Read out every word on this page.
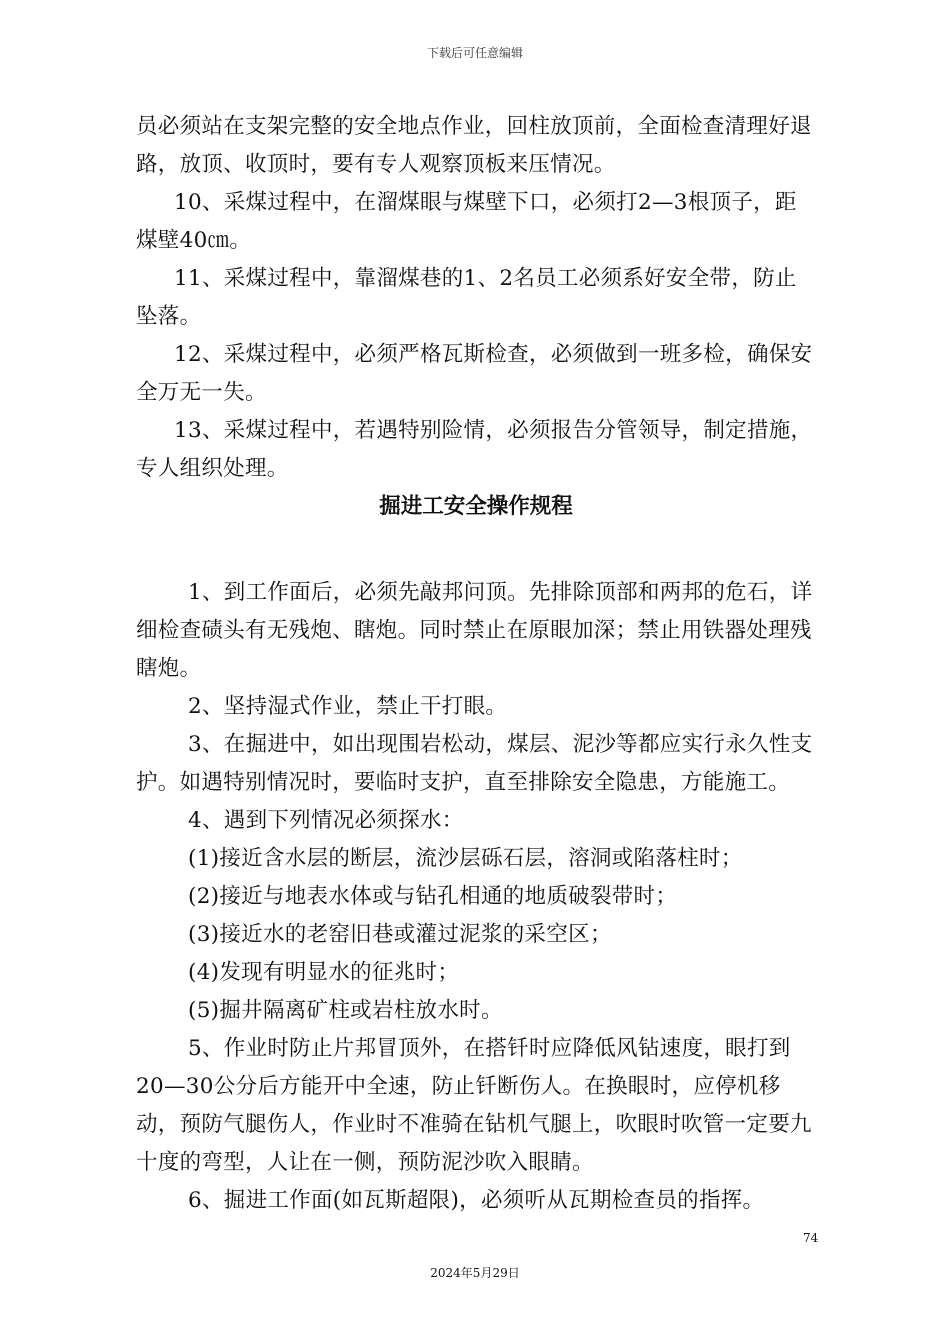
下载后可任意编辑

员必须站在支架完整的安全地点作业，回柱放顶前，全面检查清理好退路，放顶、收顶时，要有专人观察顶板来压情况。

10、采煤过程中，在溜煤眼与煤壁下口，必须打2—3根顶子，距煤壁40㎝。

11、采煤过程中，靠溜煤巷的1、2名员工必须系好安全带，防止坠落。

12、采煤过程中，必须严格瓦斯检查，必须做到一班多检，确保安全万无一失。

13、采煤过程中，若遇特别险情，必须报告分管领导，制定措施，专人组织处理。

掘进工安全操作规程

1、到工作面后，必须先敲邦问顶。先排除顶部和两邦的危石，详细检查碛头有无残炮、瞎炮。同时禁止在原眼加深；禁止用铁器处理残瞎炮。

2、坚持湿式作业，禁止干打眼。

3、在掘进中，如出现围岩松动，煤层、泥沙等都应实行永久性支护。如遇特别情况时，要临时支护，直至排除安全隐患，方能施工。

4、遇到下列情况必须探水：

(1)接近含水层的断层，流沙层砾石层，溶洞或陷落柱时；

(2)接近与地表水体或与钻孔相通的地质破裂带时；

(3)接近水的老窑旧巷或灌过泥浆的采空区；

(4)发现有明显水的征兆时；

(5)掘井隔离矿柱或岩柱放水时。

5、作业时防止片邦冒顶外，在搭钎时应降低风钻速度，眼打到20—30公分后方能开中全速，防止钎断伤人。在换眼时，应停机移动，预防气腿伤人，作业时不准骑在钻机气腿上，吹眼时吹管一定要九十度的弯型，人让在一侧，预防泥沙吹入眼睛。

6、掘进工作面(如瓦斯超限)，必须听从瓦期检查员的指挥。

74
2024年5月29日
